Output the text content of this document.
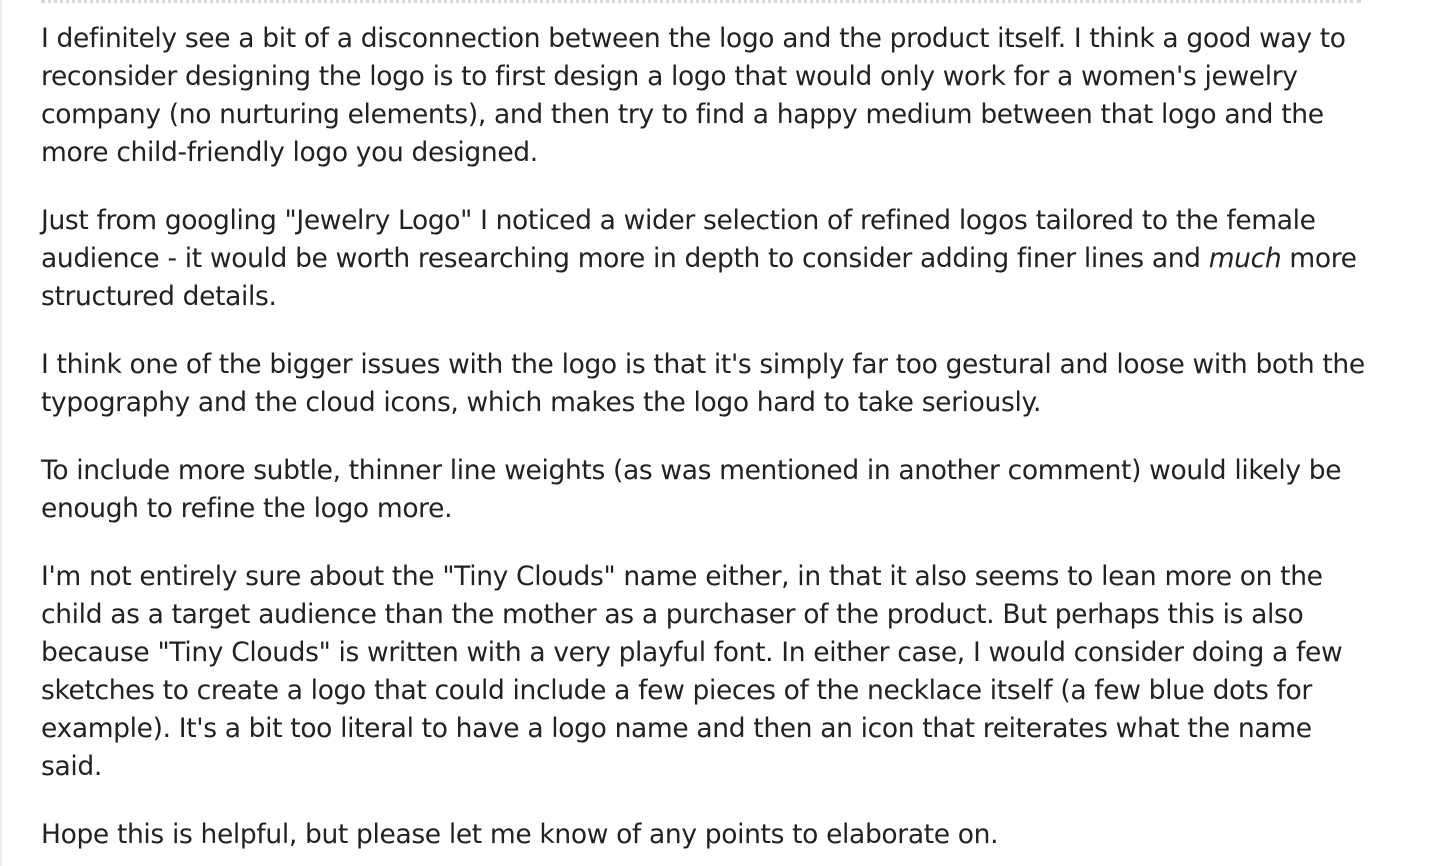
I definitely see a bit of a disconnection between the logo and the product itself. I think a good way to reconsider designing the logo is to first design a logo that would only work for a women's jewelry company (no nurturing elements), and then try to find a happy medium between that logo and the more child-friendly logo you designed.

Just from googling "Jewelry Logo" I noticed a wider selection of refined logos tailored to the female audience - it would be worth researching more in depth to consider adding finer lines and much more structured details.

I think one of the bigger issues with the logo is that it's simply far too gestural and loose with both the typography and the cloud icons, which makes the logo hard to take seriously.

To include more subtle, thinner line weights (as was mentioned in another comment) would likely be enough to refine the logo more.

I'm not entirely sure about the "Tiny Clouds" name either, in that it also seems to lean more on the child as a target audience than the mother as a purchaser of the product. But perhaps this is also because "Tiny Clouds" is written with a very playful font. In either case, I would consider doing a few sketches to create a logo that could include a few pieces of the necklace itself (a few blue dots for example). It's a bit too literal to have a logo name and then an icon that reiterates what the name said.

Hope this is helpful, but please let me know of any points to elaborate on.
